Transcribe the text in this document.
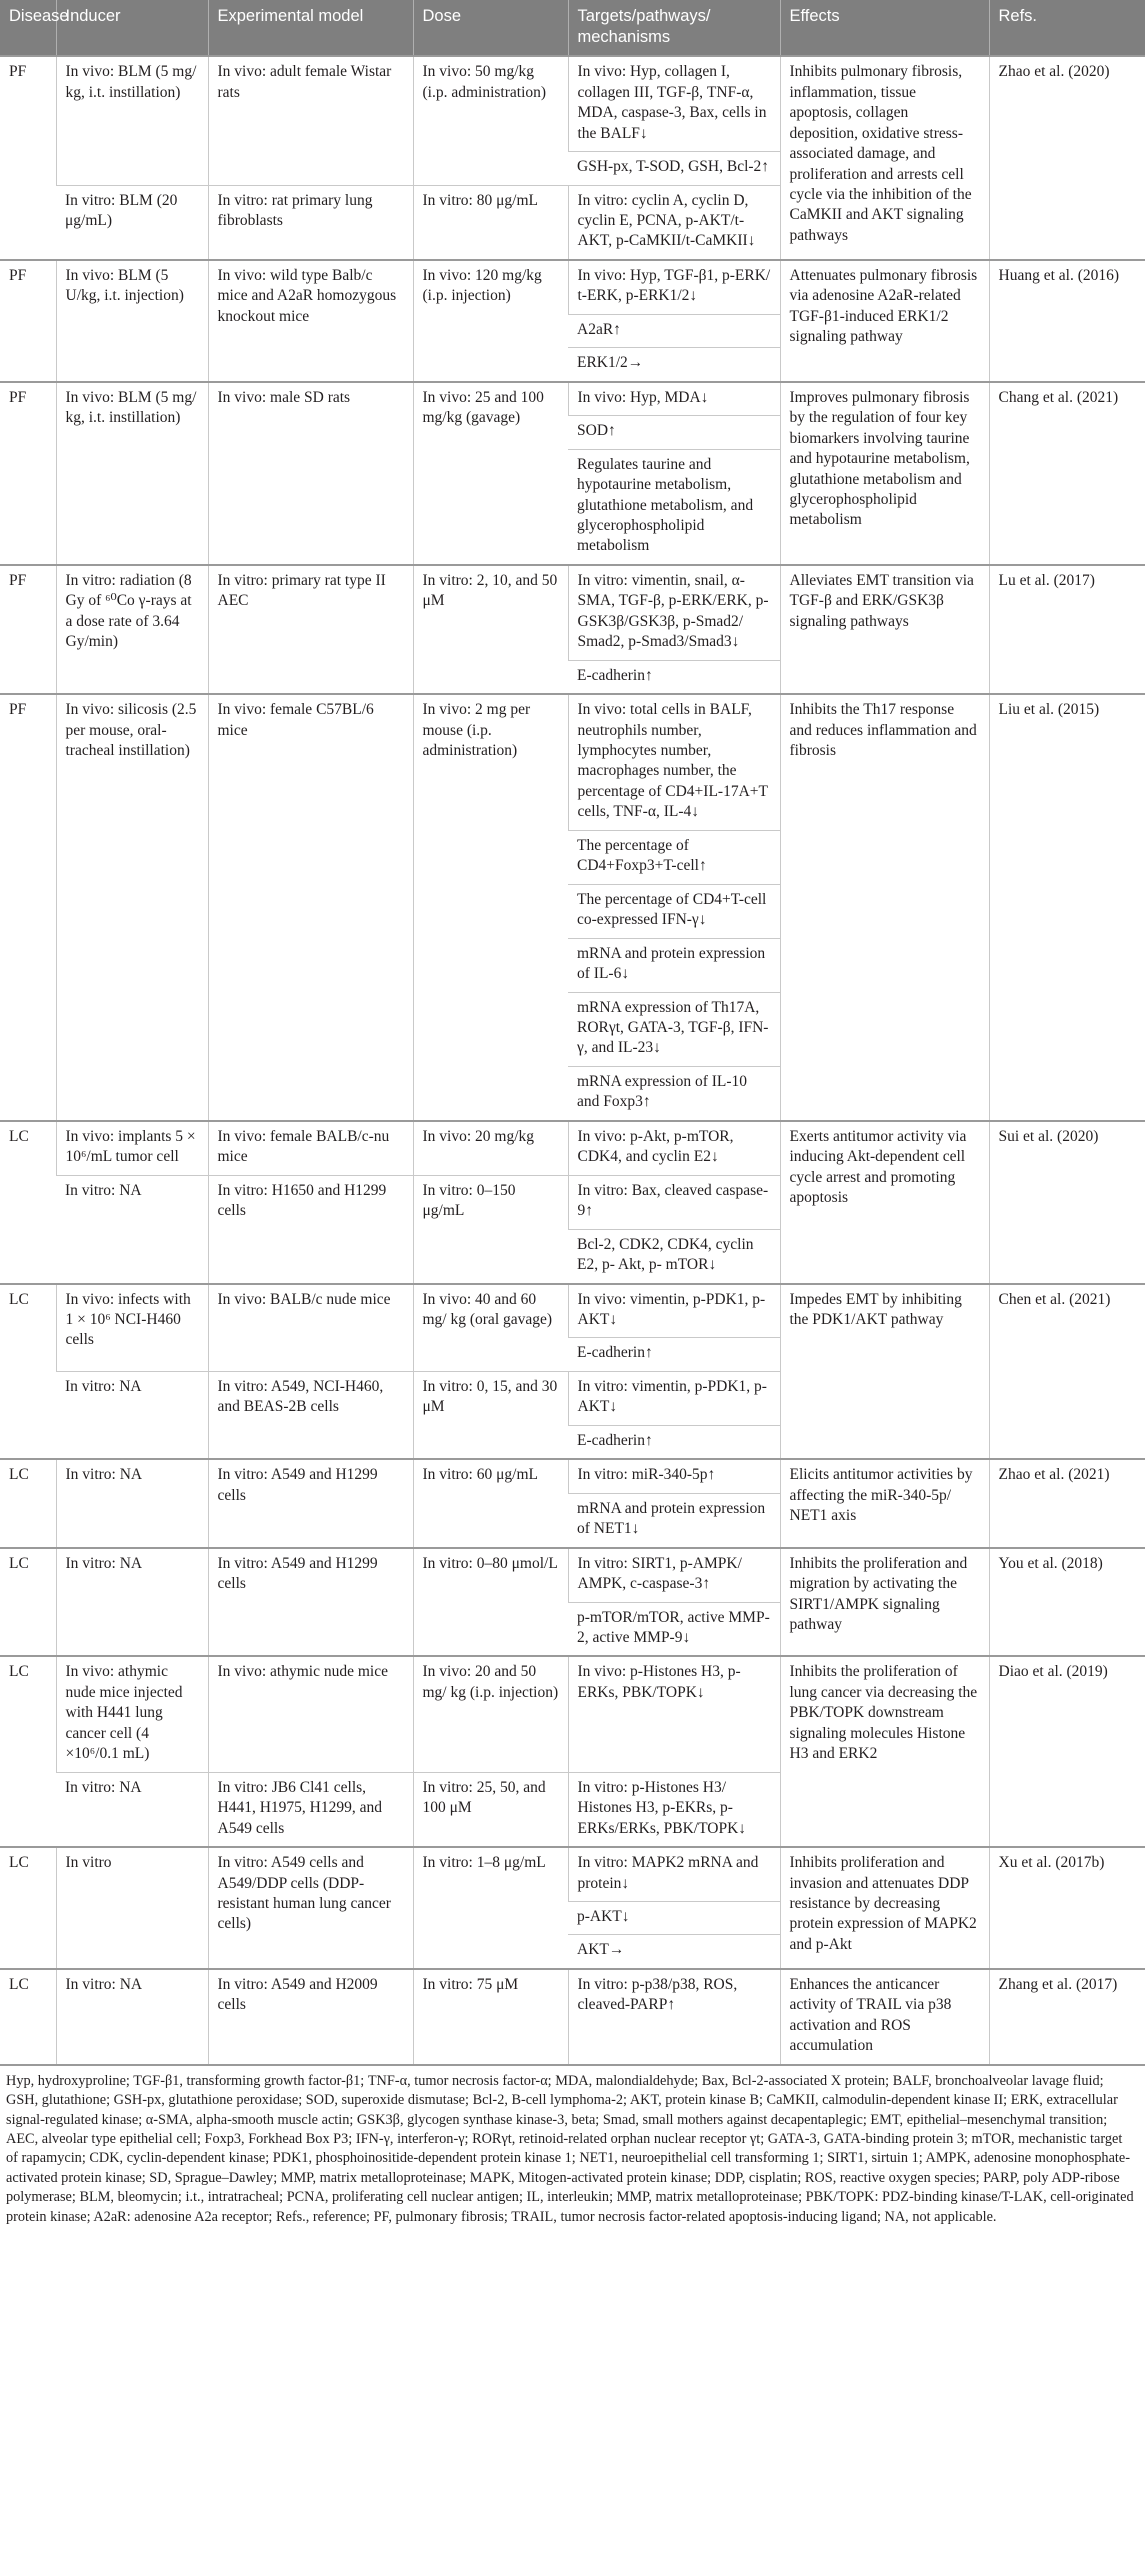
Disease	Inducer	Experimental model	Dose	Targets/pathways/ mechanisms	Effects	Refs.
PF	In vivo: BLM (5 mg/ kg, i.t. instillation)	In vivo: adult female Wistar rats	In vivo: 50 mg/kg (i.p. administration)	In vivo: Hyp, collagen I, collagen III, TGF-β, TNF-α, MDA, caspase-3, Bax, cells in the BALF↓	Inhibits pulmonary fibrosis, inflammation, tissue apoptosis, collagen deposition, oxidative stress-associated damage, and proliferation and arrests cell cycle via the inhibition of the CaMKII and AKT signaling pathways	Zhao et al. (2020)
				GSH-px, T-SOD, GSH, Bcl-2↑		
	In vitro: BLM (20 μg/mL)	In vitro: rat primary lung fibroblasts	In vitro: 80 μg/mL	In vitro: cyclin A, cyclin D, cyclin E, PCNA, p-AKT/t-AKT, p-CaMKII/t-CaMKII↓		
PF	In vivo: BLM (5 U/kg, i.t. injection)	In vivo: wild type Balb/c mice and A2aR homozygous knockout mice	In vivo: 120 mg/kg (i.p. injection)	In vivo: Hyp, TGF-β1, p-ERK/ t-ERK, p-ERK1/2↓	Attenuates pulmonary fibrosis via adenosine A2aR-related TGF-β1-induced ERK1/2 signaling pathway	Huang et al. (2016)
				A2aR↑		
				ERK1/2→		
PF	In vivo: BLM (5 mg/ kg, i.t. instillation)	In vivo: male SD rats	In vivo: 25 and 100 mg/kg (gavage)	In vivo: Hyp, MDA↓	Improves pulmonary fibrosis by the regulation of four key biomarkers involving taurine and hypotaurine metabolism, glutathione metabolism and glycerophospholipid metabolism	Chang et al. (2021)
				SOD↑		
				Regulates taurine and hypotaurine metabolism, glutathione metabolism, and glycerophospholipid metabolism		
PF	In vitro: radiation (8 Gy of ⁶⁰Co γ-rays at a dose rate of 3.64 Gy/min)	In vitro: primary rat type II AEC	In vitro: 2, 10, and 50 μM	In vitro: vimentin, snail, α-SMA, TGF-β, p-ERK/ERK, p-GSK3β/GSK3β, p-Smad2/ Smad2, p-Smad3/Smad3↓	Alleviates EMT transition via TGF-β and ERK/GSK3β signaling pathways	Lu et al. (2017)
				E-cadherin↑		
PF	In vivo: silicosis (2.5 per mouse, oral-tracheal instillation)	In vivo: female C57BL/6 mice	In vivo: 2 mg per mouse (i.p. administration)	In vivo: total cells in BALF, neutrophils number, lymphocytes number, macrophages number, the percentage of CD4+IL-17A+T cells, TNF-α, IL-4↓	Inhibits the Th17 response and reduces inflammation and fibrosis	Liu et al. (2015)
				The percentage of CD4+Foxp3+T-cell↑		
				The percentage of CD4+T-cell co-expressed IFN-γ↓		
				mRNA and protein expression of IL-6↓		
				mRNA expression of Th17A, RORγt, GATA-3, TGF-β, IFN-γ, and IL-23↓		
				mRNA expression of IL-10 and Foxp3↑		
LC	In vivo: implants 5 × 10⁶/mL tumor cell	In vivo: female BALB/c-nu mice	In vivo: 20 mg/kg	In vivo: p-Akt, p-mTOR, CDK4, and cyclin E2↓	Exerts antitumor activity via inducing Akt-dependent cell cycle arrest and promoting apoptosis	Sui et al. (2020)
	In vitro: NA	In vitro: H1650 and H1299 cells	In vitro: 0–150 μg/mL	In vitro: Bax, cleaved caspase-9↑		
				Bcl-2, CDK2, CDK4, cyclin E2, p- Akt, p- mTOR↓		
LC	In vivo: infects with 1 × 10⁶ NCI-H460 cells	In vivo: BALB/c nude mice	In vivo: 40 and 60 mg/ kg (oral gavage)	In vivo: vimentin, p-PDK1, p-AKT↓	Impedes EMT by inhibiting the PDK1/AKT pathway	Chen et al. (2021)
				E-cadherin↑		
	In vitro: NA	In vitro: A549, NCI-H460, and BEAS-2B cells	In vitro: 0, 15, and 30 μM	In vitro: vimentin, p-PDK1, p-AKT↓		
				E-cadherin↑		
LC	In vitro: NA	In vitro: A549 and H1299 cells	In vitro: 60 μg/mL	In vitro: miR-340-5p↑	Elicits antitumor activities by affecting the miR-340-5p/ NET1 axis	Zhao et al. (2021)
				mRNA and protein expression of NET1↓		
LC	In vitro: NA	In vitro: A549 and H1299 cells	In vitro: 0–80 μmol/L	In vitro: SIRT1, p-AMPK/ AMPK, c-caspase-3↑	Inhibits the proliferation and migration by activating the SIRT1/AMPK signaling pathway	You et al. (2018)
				p-mTOR/mTOR, active MMP-2, active MMP-9↓		
LC	In vivo: athymic nude mice injected with H441 lung cancer cell (4 ×10⁶/0.1 mL)	In vivo: athymic nude mice	In vivo: 20 and 50 mg/ kg (i.p. injection)	In vivo: p-Histones H3, p-ERKs, PBK/TOPK↓	Inhibits the proliferation of lung cancer via decreasing the PBK/TOPK downstream signaling molecules Histone H3 and ERK2	Diao et al. (2019)
	In vitro: NA	In vitro: JB6 Cl41 cells, H441, H1975, H1299, and A549 cells	In vitro: 25, 50, and 100 μM	In vitro: p-Histones H3/ Histones H3, p-EKRs, p-ERKs/ERKs, PBK/TOPK↓		
LC	In vitro	In vitro: A549 cells and A549/DDP cells (DDP-resistant human lung cancer cells)	In vitro: 1–8 μg/mL	In vitro: MAPK2 mRNA and protein↓	Inhibits proliferation and invasion and attenuates DDP resistance by decreasing protein expression of MAPK2 and p-Akt	Xu et al. (2017b)
				p-AKT↓		
				AKT→		
LC	In vitro: NA	In vitro: A549 and H2009 cells	In vitro: 75 μM	In vitro: p-p38/p38, ROS, cleaved-PARP↑	Enhances the anticancer activity of TRAIL via p38 activation and ROS accumulation	Zhang et al. (2017)
Hyp, hydroxyproline; TGF-β1, transforming growth factor-β1; TNF-α, tumor necrosis factor-α; MDA, malondialdehyde; Bax, Bcl-2-associated X protein; BALF, bronchoalveolar lavage fluid; GSH, glutathione; GSH-px, glutathione peroxidase; SOD, superoxide dismutase; Bcl-2, B-cell lymphoma-2; AKT, protein kinase B; CaMKII, calmodulin-dependent kinase II; ERK, extracellular signal-regulated kinase; α-SMA, alpha-smooth muscle actin; GSK3β, glycogen synthase kinase-3, beta; Smad, small mothers against decapentaplegic; EMT, epithelial–mesenchymal transition; AEC, alveolar type epithelial cell; Foxp3, Forkhead Box P3; IFN-γ, interferon-γ; RORγt, retinoid-related orphan nuclear receptor γt; GATA-3, GATA-binding protein 3; mTOR, mechanistic target of rapamycin; CDK, cyclin-dependent kinase; PDK1, phosphoinositide-dependent protein kinase 1; NET1, neuroepithelial cell transforming 1; SIRT1, sirtuin 1; AMPK, adenosine monophosphate-activated protein kinase; SD, Sprague–Dawley; MMP, matrix metalloproteinase; MAPK, Mitogen-activated protein kinase; DDP, cisplatin; ROS, reactive oxygen species; PARP, poly ADP-ribose polymerase; BLM, bleomycin; i.t., intratracheal; PCNA, proliferating cell nuclear antigen; IL, interleukin; MMP, matrix metalloproteinase; PBK/TOPK: PDZ-binding kinase/T-LAK, cell-originated protein kinase; A2aR: adenosine A2a receptor; Refs., reference; PF, pulmonary fibrosis; TRAIL, tumor necrosis factor-related apoptosis-inducing ligand; NA, not applicable.
